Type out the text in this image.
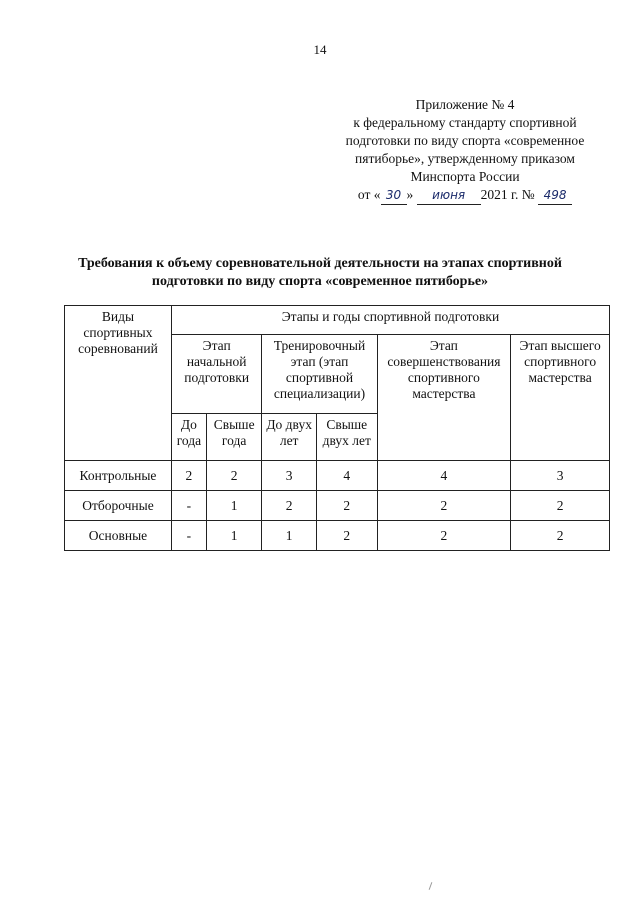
14
Приложение № 4
к федеральному стандарту спортивной
подготовки по виду спорта «современное
пятиборье», утвержденному приказом
Минспорта России
от « 30 » июня 2021 г. № 498
Требования к объему соревновательной деятельности на этапах спортивной
подготовки по виду спорта «современное пятиборье»
Виды спортивных соревнований	Этапы и годы спортивной подготовки					
	Этап начальной подготовки		Тренировочный этап (этап спортивной специализации)		Этап совершенствования спортивного мастерства	Этап высшего спортивного мастерства
	До года	Свыше года	До двух лет	Свыше двух лет		
Контрольные	2	2	3	4	4	3
Отборочные	-	1	2	2	2	2
Основные	-	1	1	2	2	2
